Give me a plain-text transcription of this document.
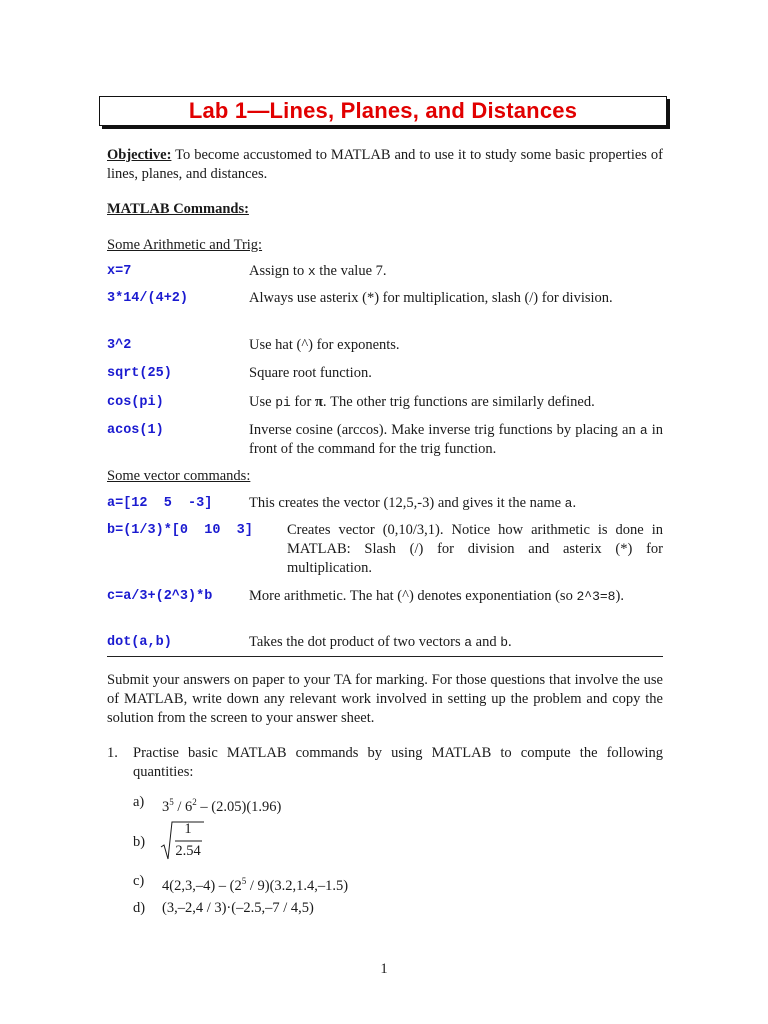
Lab 1—Lines, Planes, and Distances
Objective: To become accustomed to MATLAB and to use it to study some basic properties of lines, planes, and distances.
MATLAB Commands:
Some Arithmetic and Trig:
x=7	Assign to x the value 7.
3*14/(4+2)	Always use asterix (*) for multiplication, slash (/) for division.
3^2	Use hat (^) for exponents.
sqrt(25)	Square root function.
cos(pi)	Use pi for π. The other trig functions are similarly defined.
acos(1)	Inverse cosine (arccos). Make inverse trig functions by placing an a in front of the command for the trig function.
Some vector commands:
a=[12  5  -3]	This creates the vector (12,5,-3) and gives it the name a.
b=(1/3)*[0  10  3] Creates vector (0,10/3,1). Notice how arithmetic is done in MATLAB: Slash (/) for division and asterix (*) for multiplication.
c=a/3+(2^3)*b	More arithmetic. The hat (^) denotes exponentiation (so 2^3=8).
dot(a,b)	Takes the dot product of two vectors a and b.
Submit your answers on paper to your TA for marking. For those questions that involve the use of MATLAB, write down any relevant work involved in setting up the problem and copy the solution from the screen to your answer sheet.
1. Practise basic MATLAB commands by using MATLAB to compute the following quantities:
a) $3^5 / 6^2 - (2.05)(1.96)$
b)
1
2.54
c) $4(2,3,-4) - (2^5 / 9)(3.2,1.4,-1.5)$
d) (3,–2,4 / 3)·(–2.5,–7 / 4,5)
1
